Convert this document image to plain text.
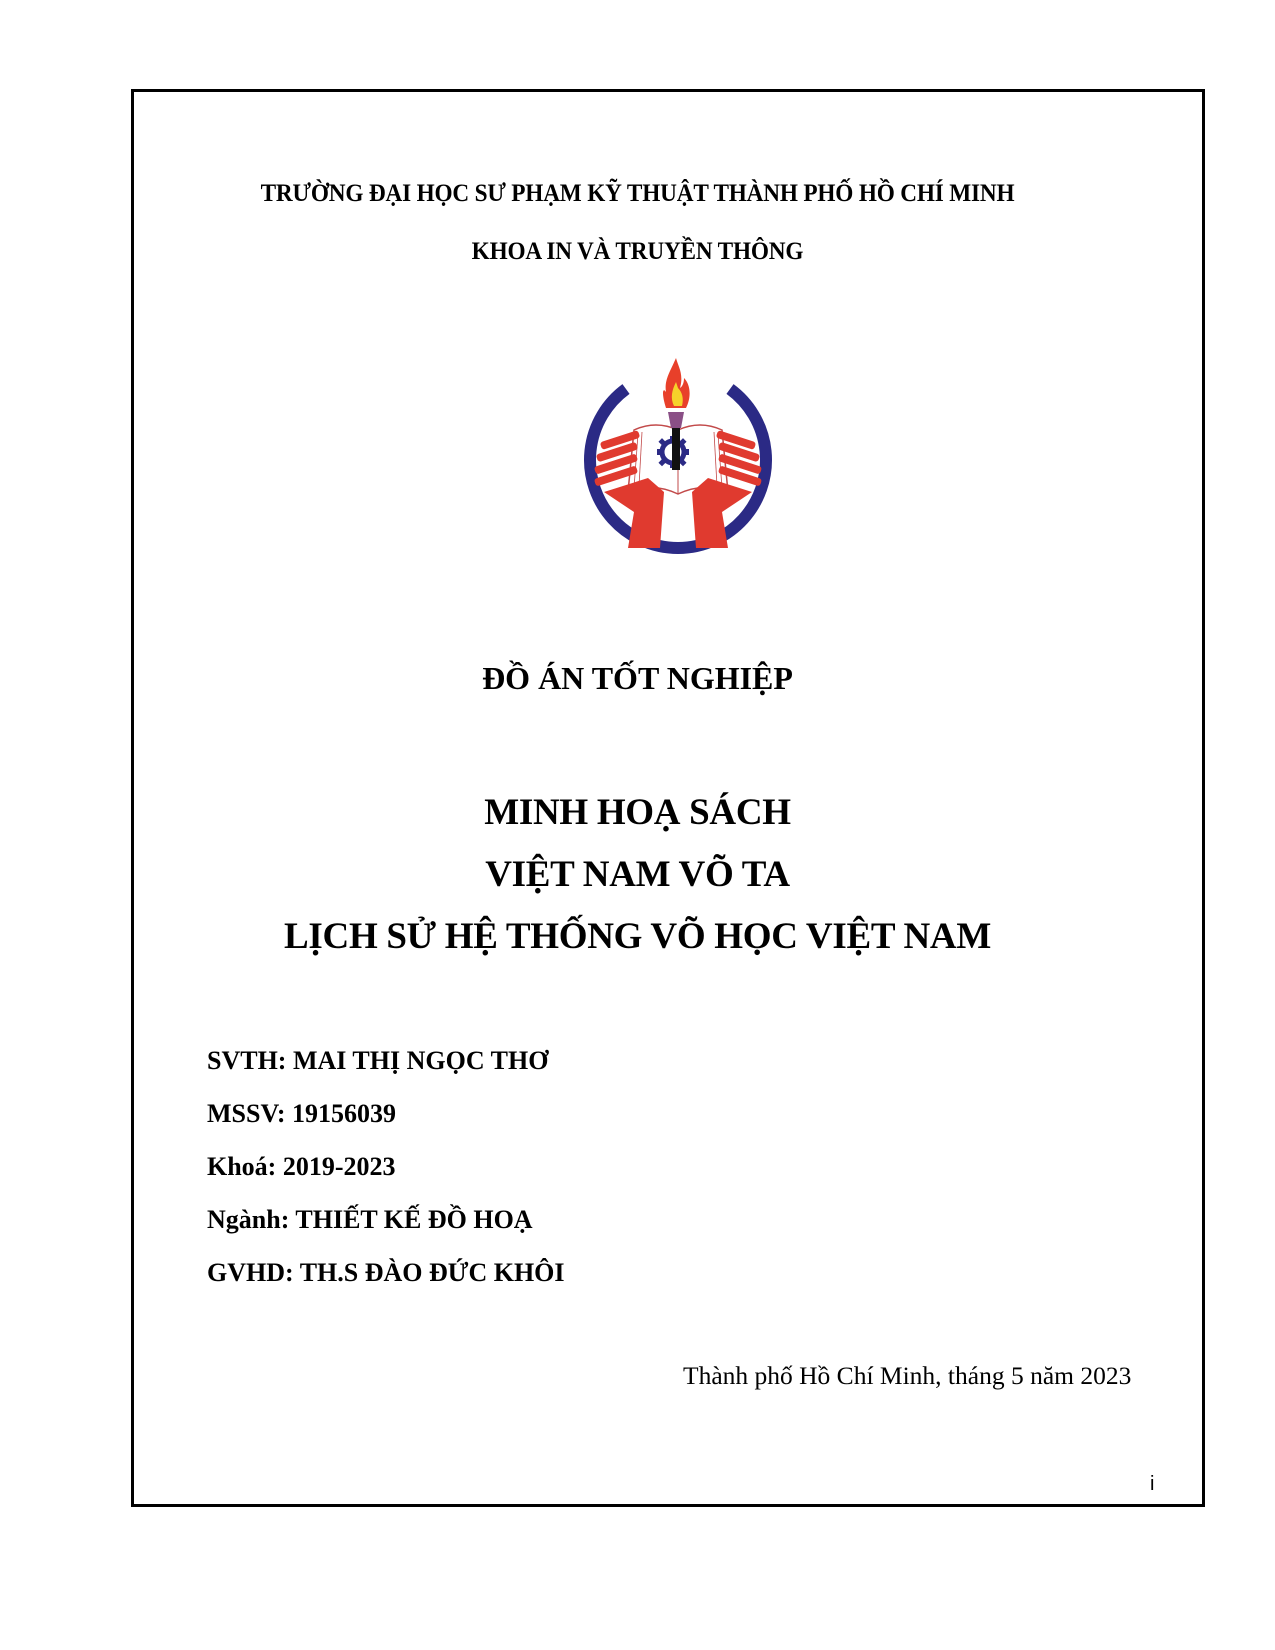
TRƯỜNG ĐẠI HỌC SƯ PHẠM KỸ THUẬT THÀNH PHỐ HỒ CHÍ MINH
KHOA IN VÀ TRUYỀN THÔNG
ĐỒ ÁN TỐT NGHIỆP
MINH HOẠ SÁCH
VIỆT NAM VÕ TA
LỊCH SỬ HỆ THỐNG VÕ HỌC VIỆT NAM
SVTH: MAI THỊ NGỌC THƠ
MSSV: 19156039
Khoá: 2019-2023
Ngành: THIẾT KẾ ĐỒ HOẠ
GVHD: TH.S ĐÀO ĐỨC KHÔI
Thành phố Hồ Chí Minh, tháng 5 năm 2023
i
